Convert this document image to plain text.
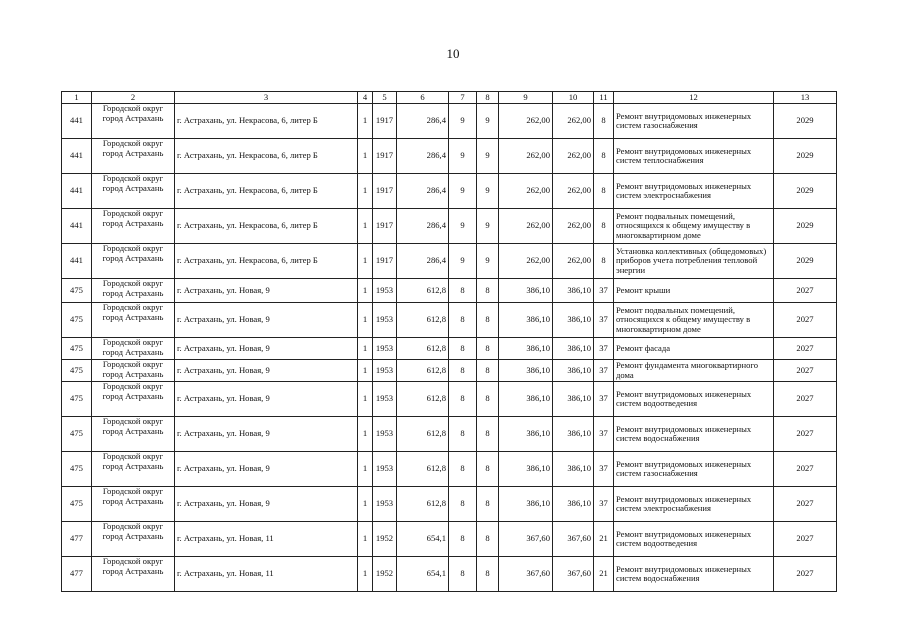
10
1	2	3	4	5	6	7	8	9	10	11	12	13
441	Городской округ город Астрахань	г. Астрахань, ул. Некрасова, 6, литер Б	1	1917	286,4	9	9	262,00	262,00	8	Ремонт внутридомовых инженерных систем газоснабжения	2029
441	Городской округ город Астрахань	г. Астрахань, ул. Некрасова, 6, литер Б	1	1917	286,4	9	9	262,00	262,00	8	Ремонт внутридомовых инженерных систем теплоснабжения	2029
441	Городской округ город Астрахань	г. Астрахань, ул. Некрасова, 6, литер Б	1	1917	286,4	9	9	262,00	262,00	8	Ремонт внутридомовых инженерных систем электроснабжения	2029
441	Городской округ город Астрахань	г. Астрахань, ул. Некрасова, 6, литер Б	1	1917	286,4	9	9	262,00	262,00	8	Ремонт подвальных помещений, относящихся к общему имуществу в многоквартирном доме	2029
441	Городской округ город Астрахань	г. Астрахань, ул. Некрасова, 6, литер Б	1	1917	286,4	9	9	262,00	262,00	8	Установка коллективных (общедомовых) приборов учета потребления тепловой энергии	2029
475	Городской округ город Астрахань	г. Астрахань, ул. Новая, 9	1	1953	612,8	8	8	386,10	386,10	37	Ремонт крыши	2027
475	Городской округ город Астрахань	г. Астрахань, ул. Новая, 9	1	1953	612,8	8	8	386,10	386,10	37	Ремонт подвальных помещений, относящихся к общему имуществу в многоквартирном доме	2027
475	Городской округ город Астрахань	г. Астрахань, ул. Новая, 9	1	1953	612,8	8	8	386,10	386,10	37	Ремонт фасада	2027
475	Городской округ город Астрахань	г. Астрахань, ул. Новая, 9	1	1953	612,8	8	8	386,10	386,10	37	Ремонт фундамента многоквартирного дома	2027
475	Городской округ город Астрахань	г. Астрахань, ул. Новая, 9	1	1953	612,8	8	8	386,10	386,10	37	Ремонт внутридомовых инженерных систем водоотведения	2027
475	Городской округ город Астрахань	г. Астрахань, ул. Новая, 9	1	1953	612,8	8	8	386,10	386,10	37	Ремонт внутридомовых инженерных систем водоснабжения	2027
475	Городской округ город Астрахань	г. Астрахань, ул. Новая, 9	1	1953	612,8	8	8	386,10	386,10	37	Ремонт внутридомовых инженерных систем газоснабжения	2027
475	Городской округ город Астрахань	г. Астрахань, ул. Новая, 9	1	1953	612,8	8	8	386,10	386,10	37	Ремонт внутридомовых инженерных систем электроснабжения	2027
477	Городской округ город Астрахань	г. Астрахань, ул. Новая, 11	1	1952	654,1	8	8	367,60	367,60	21	Ремонт внутридомовых инженерных систем водоотведения	2027
477	Городской округ город Астрахань	г. Астрахань, ул. Новая, 11	1	1952	654,1	8	8	367,60	367,60	21	Ремонт внутридомовых инженерных систем водоснабжения	2027
